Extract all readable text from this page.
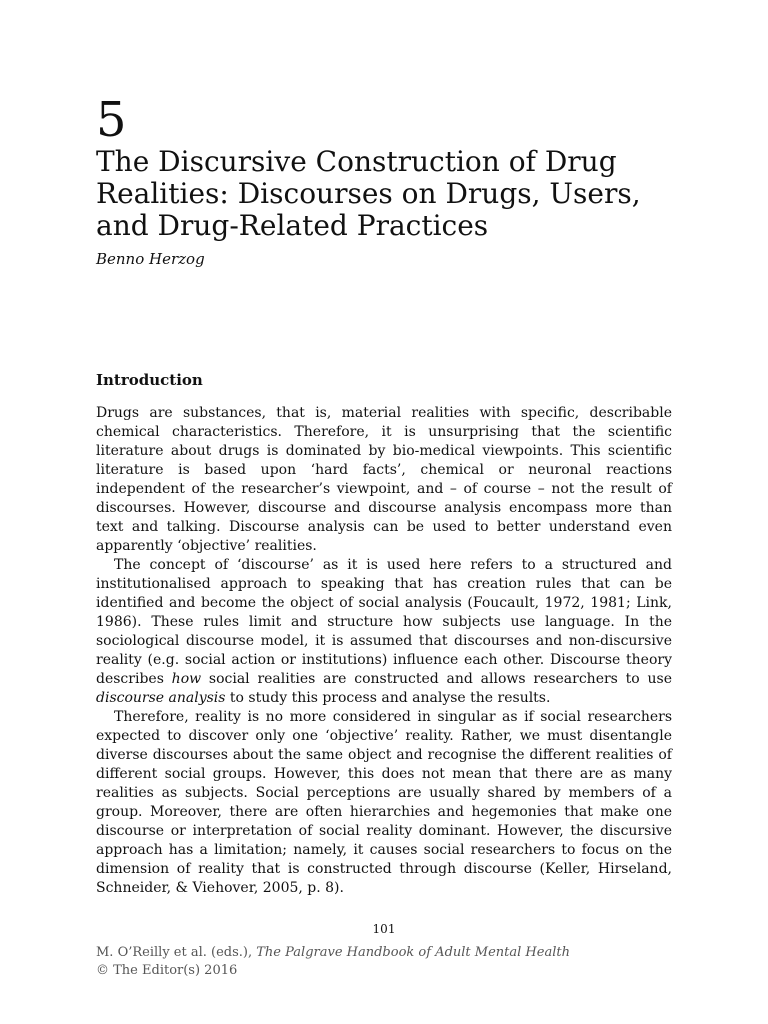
5
The Discursive Construction of Drug
Realities: Discourses on Drugs, Users,
and Drug-Related Practices

Benno Herzog

Introduction

Drugs are substances, that is, material realities with specific, describable chemical characteristics. Therefore, it is unsurprising that the scientific literature about drugs is dominated by bio-medical viewpoints. This scientific literature is based upon ‘hard facts’, chemical or neuronal reactions independent of the researcher’s viewpoint, and – of course – not the result of discourses. However, discourse and discourse analysis encompass more than text and talking. Discourse analysis can be used to better understand even apparently ‘objective’ realities.

The concept of ‘discourse’ as it is used here refers to a structured and institutionalised approach to speaking that has creation rules that can be identified and become the object of social analysis (Foucault, 1972, 1981; Link, 1986). These rules limit and structure how subjects use language. In the sociological discourse model, it is assumed that discourses and non-discursive reality (e.g. social action or institutions) influence each other. Discourse theory describes how social realities are constructed and allows researchers to use discourse analysis to study this process and analyse the results.

Therefore, reality is no more considered in singular as if social researchers expected to discover only one ‘objective’ reality. Rather, we must disentangle diverse discourses about the same object and recognise the different realities of different social groups. However, this does not mean that there are as many realities as subjects. Social perceptions are usually shared by members of a group. Moreover, there are often hierarchies and hegemonies that make one discourse or interpretation of social reality dominant. However, the discursive approach has a limitation; namely, it causes social researchers to focus on the dimension of reality that is constructed through discourse (Keller, Hirseland, Schneider, & Viehover, 2005, p. 8).

101
M. O’Reilly et al. (eds.), The Palgrave Handbook of Adult Mental Health
© The Editor(s) 2016
